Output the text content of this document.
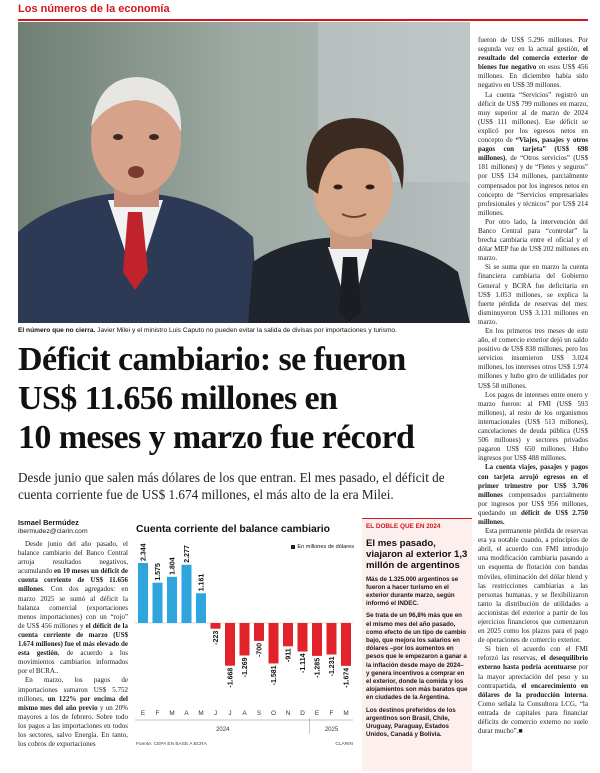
Los números de la economía
El número que no cierra. Javier Milei y el ministro Luis Caputo no pueden evitar la salida de divisas por importaciones y turismo.
Déficit cambiario: se fueron
US$ 11.656 millones en
10 meses y marzo fue récord
Desde junio que salen más dólares de los que entran. El mes pasado, el déficit de cuenta corriente fue de US$ 1.674 millones, el más alto de la era Milei.
Ismael Bermúdez
ibermudez@clarin.com

Desde junio del año pasado, el balance cambiario del Banco Central arroja resultados negativos, acumulando en 10 meses un déficit de cuenta corriente de US$ 11.656 millones. Con dos agregados: en marzo 2025 se sumó al déficit la balanza comercial (exportaciones menos importaciones) con un “rojo” de US$ 456 millones y el déficit de la cuenta corriente de marzo (US$ 1.674 millones) fue el más elevado de esta gestión, de acuerdo a los movimientos cambiarios informados por el BCRA..

En marzo, los pagos de importaciones sumaron US$ 5.752 millones, un 122% por encima del mismo mes del año previo y un 20% mayores a los de febrero. Sobre todo los pagos a las importaciones en todos los sectores, salvo Energía. En tanto, los cobros de exportaciones

Cuenta corriente del balance cambiario
En millones de dólares
2.344
E
1.575
F
1.804
M
2.277
A
1.161
M
-223
J
-1.668
J
-1.269
A
-700
S
-1.581
O
-911
N
-1.114
D
-1.285
E
-1.231
F
-1.674
M
2024	2025
Fuente: CEPA EN BASE A BCRA	CLARIN
EL DOBLE QUE EN 2024
El mes pasado, viajaron al exterior 1,3 millón de argentinos

Más de 1.325.000 argentinos se fueron a hacer turismo en el exterior durante marzo, según informó el INDEC.

Se trata de un 96,8% más que en el mismo mes del año pasado, como efecto de un tipo de cambio bajo, que mejora los salarios en dólares –por los aumentos en pesos que le empezaron a ganar a la inflación desde mayo de 2024– y genera incentivos a comprar en el exterior, donde la comida y los alojamientos son más baratos que en ciudades de la Argentina.

Los destinos preferidos de los argentinos son Brasil, Chile, Uruguay, Paraguay, Estados Unidos, Canadá y Bolivia.

fueron de US$ 5.296 millones. Por segunda vez en la actual gestión, el resultado del comercio exterior de bienes fue negativo en esos US$ 456 millones. En diciembre había sido negativo en US$ 39 millones.

La cuenta “Servicios” registró un déficit de US$ 799 millones en marzo, muy superior al de marzo de 2024 (US$ 111 millones). Ese déficit se explicó por los egresos netos en concepto de “Viajes, pasajes y otros pagos con tarjeta” (US$ 698 millones), de “Otros servicios” (US$ 181 millones) y de “Fletes y seguros” por US$ 134 millones, parcialmente compensados por los ingresos netos en concepto de “Servicios empresariales profesionales y técnicos” por US$ 214 millones.

Por otro lado, la intervención del Banco Central para “controlar” la brecha cambiaria entre el oficial y el dólar MEP fue de US$ 202 millones en marzo.

Si se suma que en marzo la cuenta financiera cambiaria del Gobierno General y BCRA fue deficitaria en US$ 1.053 millones, se explica la fuerte pérdida de reservas del mes: disminuyeron US$ 3.131 millones en marzo.

En los primeros tres meses de este año, el comercio exterior dejó un saldo positivo de US$ 838 millones, pero los servicios insumieron US$ 3.024 millones, los intereses otros US$ 1.974 millones y hubo giro de utilidades por US$ 58 millones.

Los pagos de intereses entre enero y marzo fueron: al FMI (US$ 593 millones), al resto de los organismos internacionales (US$ 513 millones), cancelaciones de deuda pública (US$ 506 millones) y sectores privados pagaron US$ 650 millones. Hubo ingresos por US$ 488 millones.

La cuenta viajes, pasajes y pagos con tarjeta arrojó egresos en el primer trimestre por US$ 3.706 millones compensados parcialmente por ingresos por US$ 956 millones, quedando un déficit de US$ 2.750 millones.

Esta permanente pérdida de reservas era ya notable cuando, a principios de abril, el acuerdo con FMI introdujo una modificación cambiaria pasando a un esquema de flotación con bandas móviles, eliminación del dólar blend y las restricciones cambiarias a las personas humanas, y se flexibilizaron tanto la distribución de utilidades a accionistas del exterior a partir de los ejercicios financieros que comenzaron en 2025 como los plazos para el pago de operaciones de comercio exterior.

Si bien el acuerdo con el FMI reforzó las reservas, el desequilibrio externo hasta podría acentuarse por la mayor apreciación del peso y su contrapartida, el encarecimiento en dólares de la producción interna. Como señala la Consultora LCG, “la entrada de capitales para financiar déficits de comercio externo no suele durar mucho”.■
